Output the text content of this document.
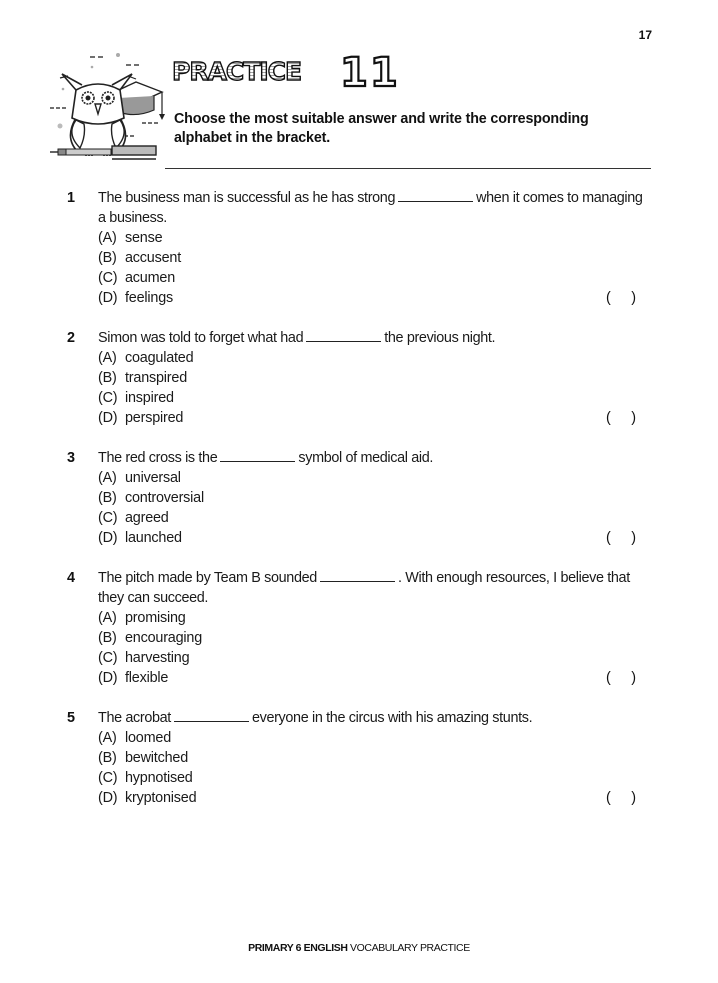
17
PRACTICE 11
Choose the most suitable answer and write the corresponding
alphabet in the bracket.
1 The business man is successful as he has strong	when it comes to managing a business.
(A) sense
(B) accusent
(C) acumen
(D) feelings	( )
2 Simon was told to forget what had	the previous night.
(A) coagulated
(B) transpired
(C) inspired
(D) perspired	( )
3 The red cross is the	symbol of medical aid.
(A) universal
(B) controversial
(C) agreed
(D) launched	( )
4 The pitch made by Team B sounded	. With enough resources, I believe that they can succeed.
(A) promising
(B) encouraging
(C) harvesting
(D) flexible	( )
5 The acrobat	everyone in the circus with his amazing stunts.
(A) loomed
(B) bewitched
(C) hypnotised
(D) kryptonised	( )
PRIMARY 6 ENGLISH VOCABULARY PRACTICE
